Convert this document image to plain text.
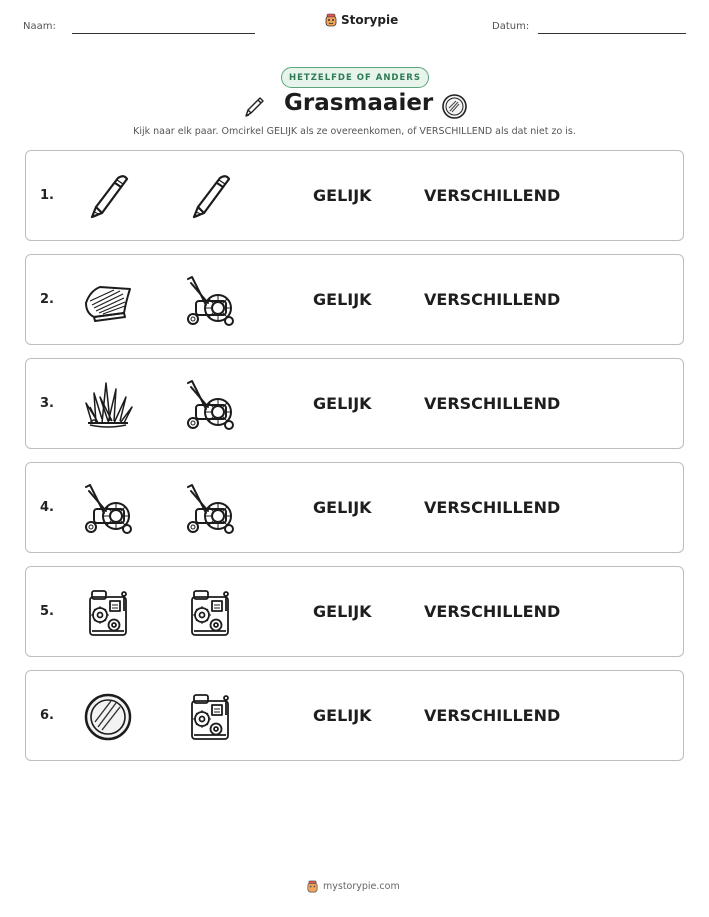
Naam:	Storypie	Datum:
HETZELFDE OF ANDERS
Grasmaaier
Kijk naar elk paar. Omcirkel GELIJK als ze overeenkomen, of VERSCHILLEND als dat niet zo is.
1.	GELIJK	VERSCHILLEND
2.	GELIJK	VERSCHILLEND
3.	GELIJK	VERSCHILLEND
4.	GELIJK	VERSCHILLEND
5.	GELIJK	VERSCHILLEND
6.	GELIJK	VERSCHILLEND
mystorypie.com
